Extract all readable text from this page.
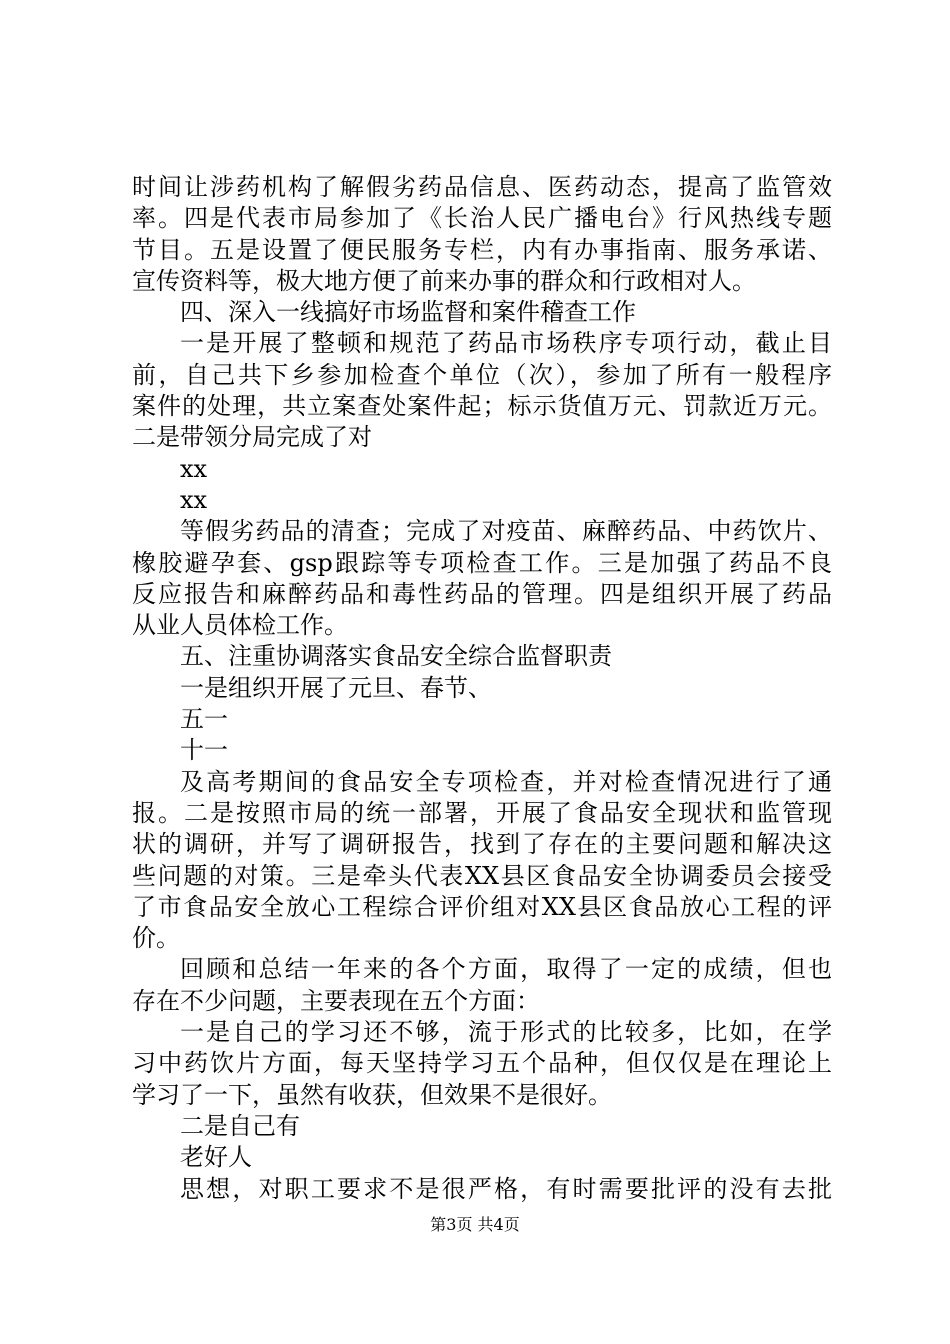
时间让涉药机构了解假劣药品信息、医药动态，提高了监管效
率。四是代表市局参加了《长治人民广播电台》行风热线专题
节目。五是设置了便民服务专栏，内有办事指南、服务承诺、
宣传资料等，极大地方便了前来办事的群众和行政相对人。
四、深入一线搞好市场监督和案件稽查工作
一是开展了整顿和规范了药品市场秩序专项行动，截止目
前，自己共下乡参加检查个单位（次），参加了所有一般程序
案件的处理，共立案查处案件起；标示货值万元、罚款近万元。
二是带领分局完成了对
xx
xx
等假劣药品的清查；完成了对疫苗、麻醉药品、中药饮片、
橡胶避孕套、gsp跟踪等专项检查工作。三是加强了药品不良
反应报告和麻醉药品和毒性药品的管理。四是组织开展了药品
从业人员体检工作。
五、注重协调落实食品安全综合监督职责
一是组织开展了元旦、春节、
五一
十一
及高考期间的食品安全专项检查，并对检查情况进行了通
报。二是按照市局的统一部署，开展了食品安全现状和监管现
状的调研，并写了调研报告，找到了存在的主要问题和解决这
些问题的对策。三是牵头代表XX县区食品安全协调委员会接受
了市食品安全放心工程综合评价组对XX县区食品放心工程的评
价。
回顾和总结一年来的各个方面，取得了一定的成绩，但也
存在不少问题，主要表现在五个方面：
一是自己的学习还不够，流于形式的比较多，比如，在学
习中药饮片方面，每天坚持学习五个品种，但仅仅是在理论上
学习了一下，虽然有收获，但效果不是很好。
二是自己有
老好人
思想，对职工要求不是很严格，有时需要批评的没有去批
第3页 共4页
